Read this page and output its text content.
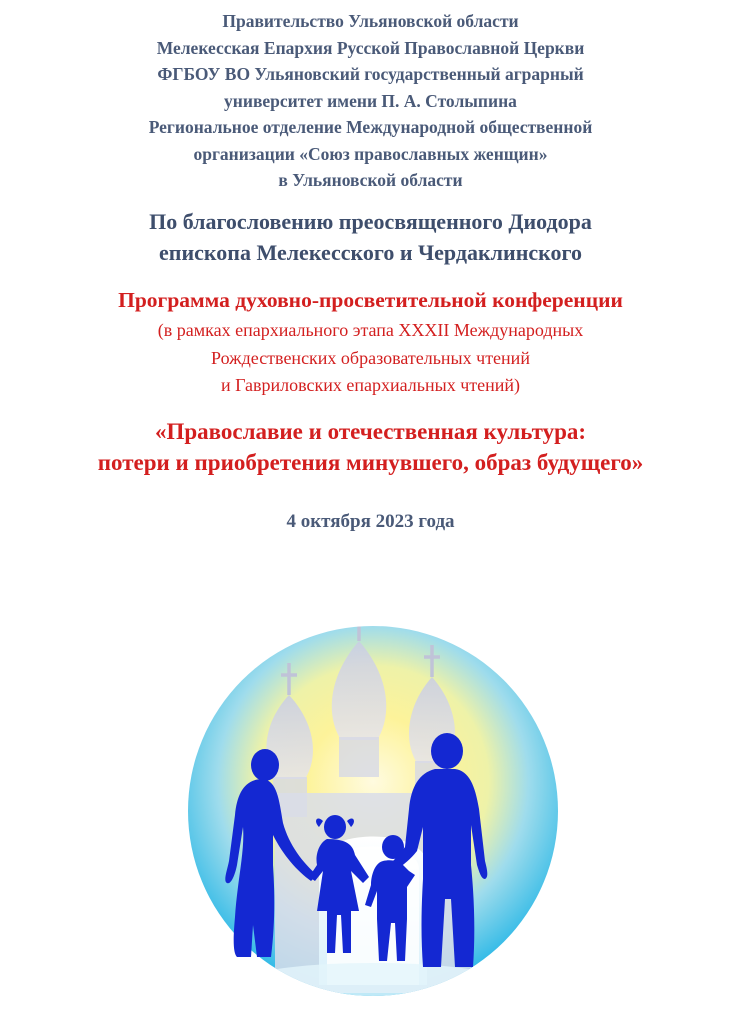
Правительство Ульяновской области
Мелекесская Епархия Русской Православной Церкви
ФГБОУ ВО Ульяновский государственный аграрный
университет имени П. А. Столыпина
Региональное отделение Международной общественной
организации «Союз православных женщин»
в Ульяновской области
По благословению преосвященного Диодора
епископа Мелекесского и Чердаклинского
Программа духовно-просветительной конференции
(в рамках епархиального этапа XXXII Международных
Рождественских образовательных чтений
и Гавриловских епархиальных чтений)
«Православие и отечественная культура:
потери и приобретения минувшего, образ будущего»
4 октября 2023 года
